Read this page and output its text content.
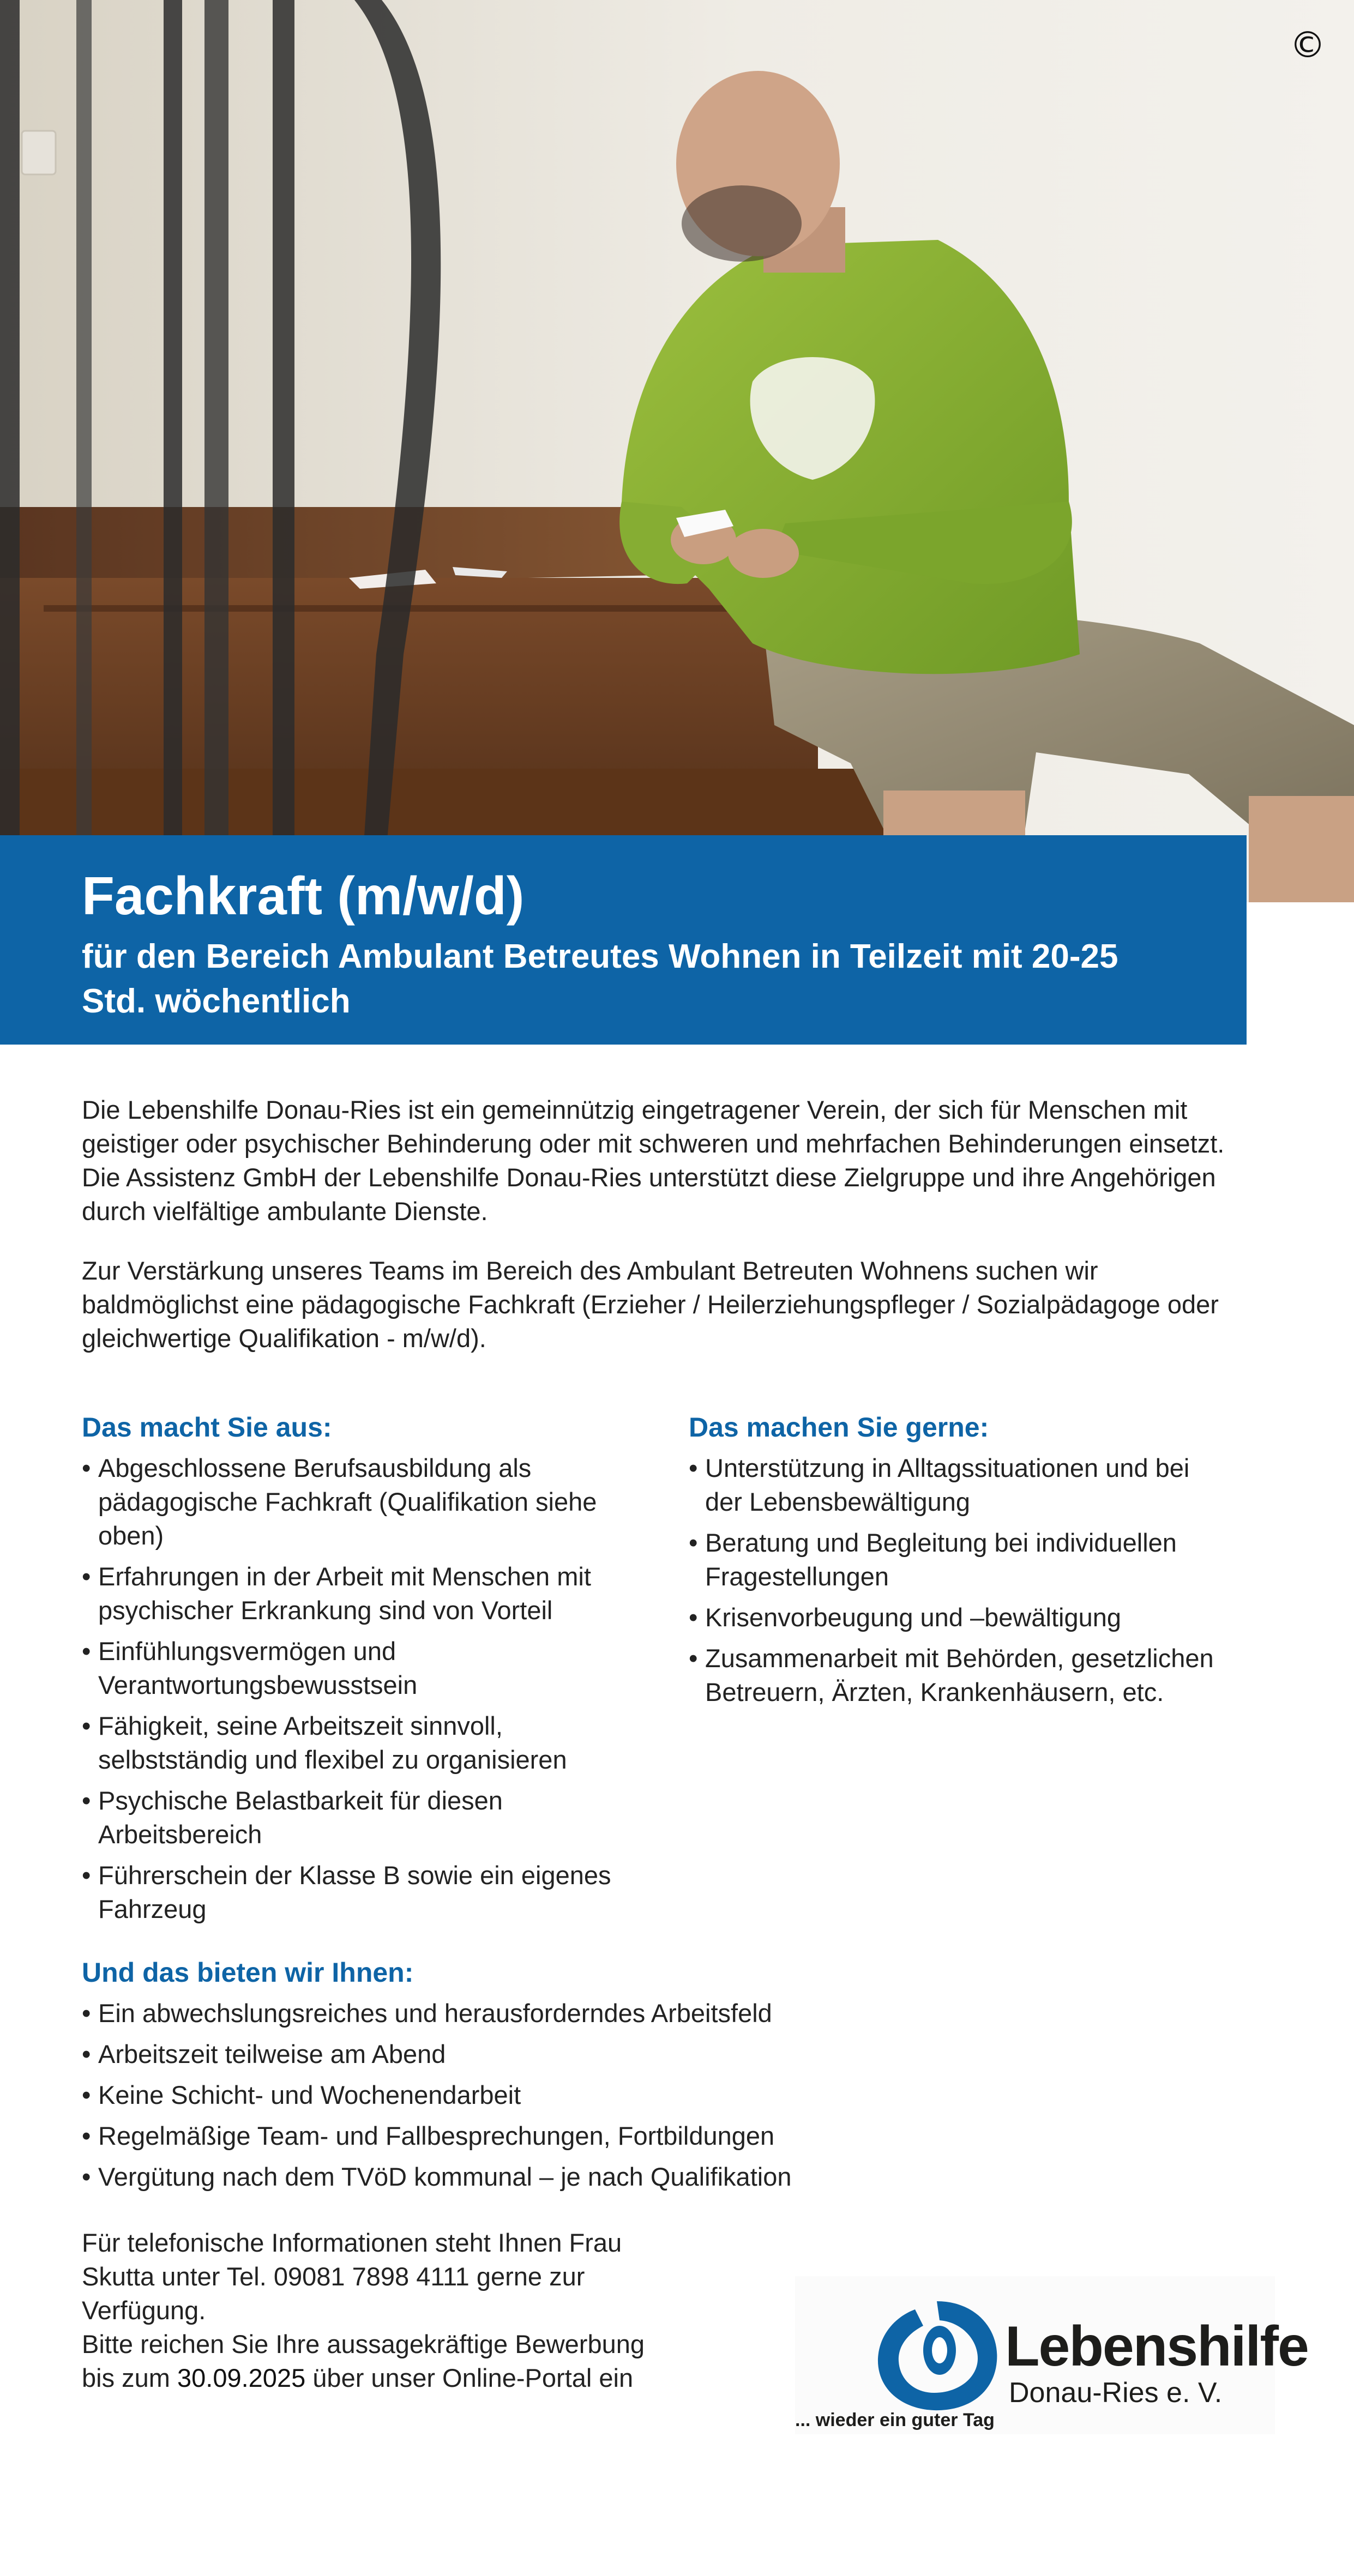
©
Fachkraft (m/w/d)
für den Bereich Ambulant Betreutes Wohnen in Teilzeit mit 20-25
Std. wöchentlich

Die Lebenshilfe Donau-Ries ist ein gemeinnützig eingetragener Verein, der sich für Menschen mit

geistiger oder psychischer Behinderung oder mit schweren und mehrfachen Behinderungen einsetzt.

Die Assistenz GmbH der Lebenshilfe Donau-Ries unterstützt diese Zielgruppe und ihre Angehörigen

durch vielfältige ambulante Dienste.

Zur Verstärkung unseres Teams im Bereich des Ambulant Betreuten Wohnens suchen wir

baldmöglichst eine pädagogische Fachkraft (Erzieher / Heilerziehungspfleger / Sozialpädagoge oder

gleichwertige Qualifikation - m/w/d).

Das macht Sie aus:
• Abgeschlossene Berufsausbildung als
pädagogische Fachkraft (Qualifikation siehe
oben)
• Erfahrungen in der Arbeit mit Menschen mit
psychischer Erkrankung sind von Vorteil
• Einfühlungsvermögen und
Verantwortungsbewusstsein
• Fähigkeit, seine Arbeitszeit sinnvoll,
selbstständig und flexibel zu organisieren
• Psychische Belastbarkeit für diesen
Arbeitsbereich
• Führerschein der Klasse B sowie ein eigenes
Fahrzeug
Das machen Sie gerne:
• Unterstützung in Alltagssituationen und bei
der Lebensbewältigung
• Beratung und Begleitung bei individuellen
Fragestellungen
• Krisenvorbeugung und –bewältigung
• Zusammenarbeit mit Behörden, gesetzlichen
Betreuern, Ärzten, Krankenhäusern, etc.
Und das bieten wir Ihnen:
• Ein abwechslungsreiches und herausforderndes Arbeitsfeld
• Arbeitszeit teilweise am Abend
• Keine Schicht- und Wochenendarbeit
• Regelmäßige Team- und Fallbesprechungen, Fortbildungen
• Vergütung nach dem TVöD kommunal – je nach Qualifikation
Für telefonische Informationen steht Ihnen Frau
Skutta unter Tel. 09081 7898 4111 gerne zur
Verfügung.
Bitte reichen Sie Ihre aussagekräftige Bewerbung
bis zum 30.09.2025 über unser Online-Portal ein	Lebenshilfe
Donau-Ries e. V.
... wieder ein guter Tag
